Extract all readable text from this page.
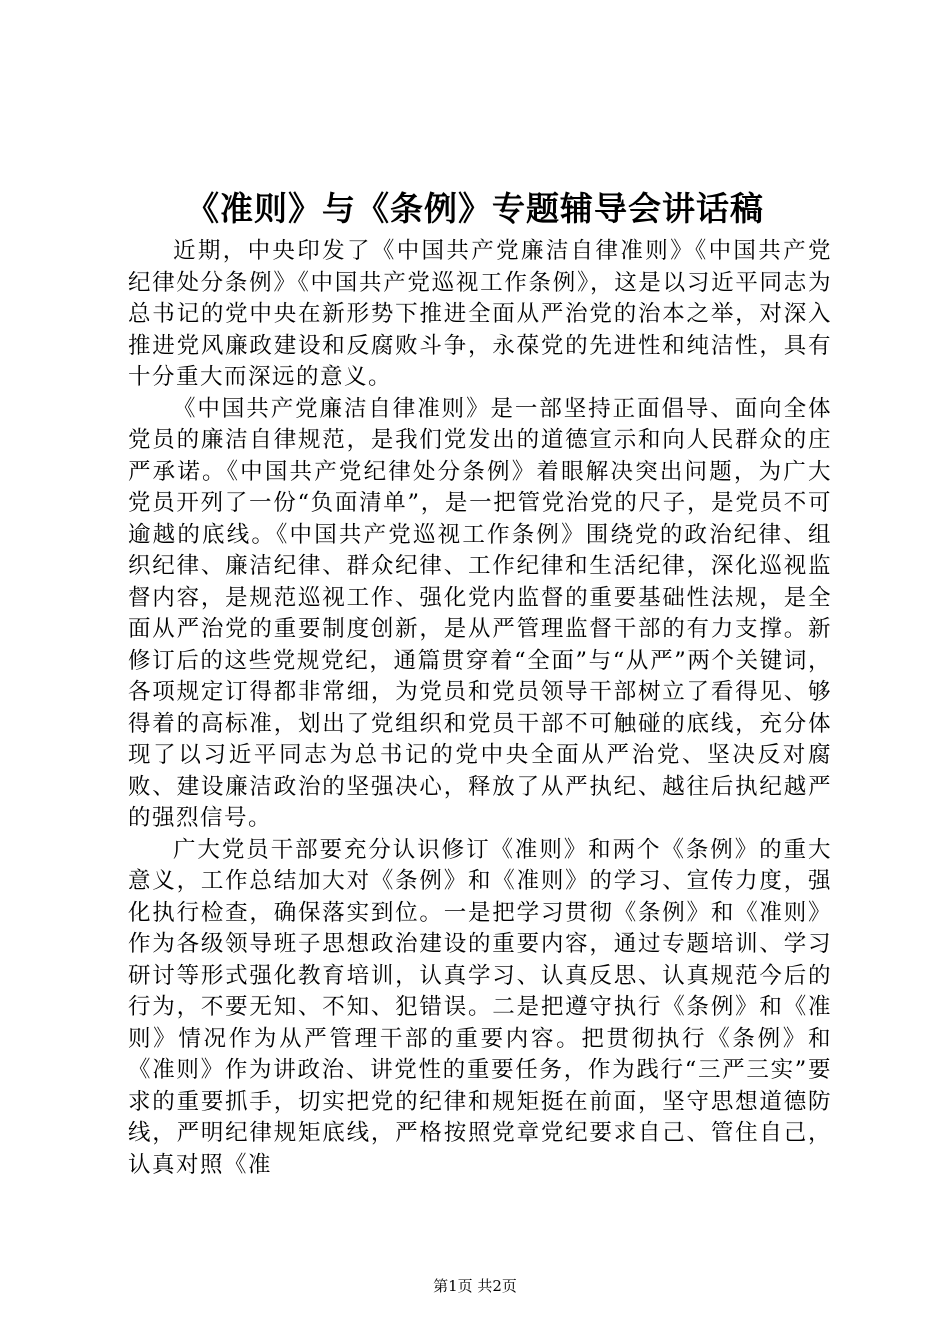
《准则》与《条例》专题辅导会讲话稿

近期，中央印发了《中国共产党廉洁自律准则》《中国共产党纪律处分条例》《中国共产党巡视工作条例》，这是以习近平同志为总书记的党中央在新形势下推进全面从严治党的治本之举，对深入推进党风廉政建设和反腐败斗争，永葆党的先进性和纯洁性，具有十分重大而深远的意义。

《中国共产党廉洁自律准则》是一部坚持正面倡导、面向全体党员的廉洁自律规范，是我们党发出的道德宣示和向人民群众的庄严承诺。《中国共产党纪律处分条例》着眼解决突出问题，为广大党员开列了一份“负面清单”，是一把管党治党的尺子，是党员不可逾越的底线。《中国共产党巡视工作条例》围绕党的政治纪律、组织纪律、廉洁纪律、群众纪律、工作纪律和生活纪律，深化巡视监督内容，是规范巡视工作、强化党内监督的重要基础性法规，是全面从严治党的重要制度创新，是从严管理监督干部的有力支撑。新修订后的这些党规党纪，通篇贯穿着“全面”与“从严”两个关键词，各项规定订得都非常细，为党员和党员领导干部树立了看得见、够得着的高标准，划出了党组织和党员干部不可触碰的底线，充分体现了以习近平同志为总书记的党中央全面从严治党、坚决反对腐败、建设廉洁政治的坚强决心，释放了从严执纪、越往后执纪越严的强烈信号。

广大党员干部要充分认识修订《准则》和两个《条例》的重大意义，工作总结加大对《条例》和《准则》的学习、宣传力度，强化执行检查，确保落实到位。一是把学习贯彻《条例》和《准则》作为各级领导班子思想政治建设的重要内容，通过专题培训、学习研讨等形式强化教育培训，认真学习、认真反思、认真规范今后的行为，不要无知、不知、犯错误。二是把遵守执行《条例》和《准则》情况作为从严管理干部的重要内容。把贯彻执行《条例》和《准则》作为讲政治、讲党性的重要任务，作为践行“三严三实”要求的重要抓手，切实把党的纪律和规矩挺在前面，坚守思想道德防线，严明纪律规矩底线，严格按照党章党纪要求自己、管住自己，认真对照《准

第1页 共2页
